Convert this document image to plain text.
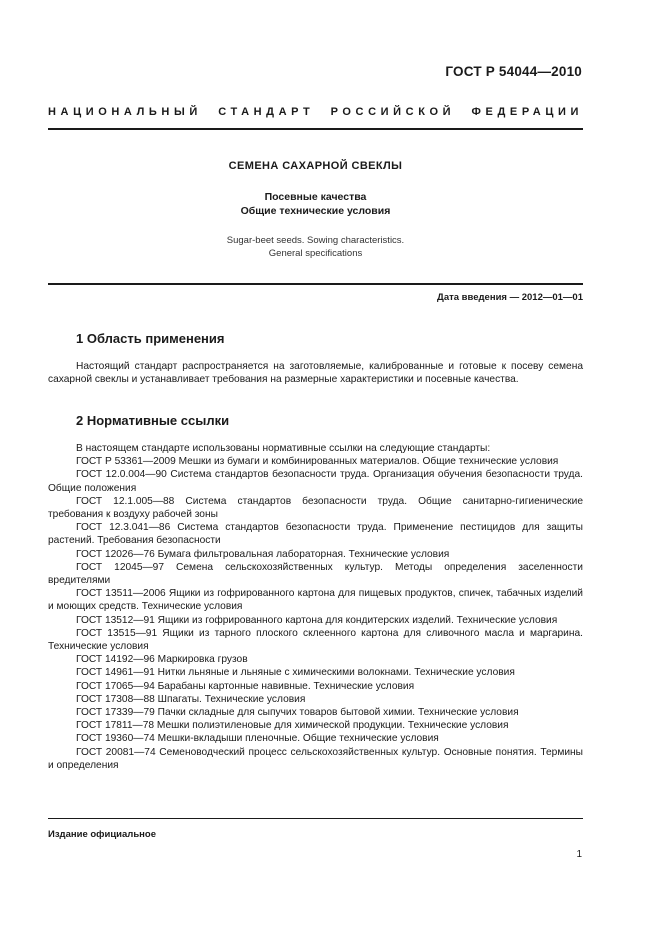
ГОСТ Р 54044—2010
НАЦИОНАЛЬНЫЙ СТАНДАРТ РОССИЙСКОЙ ФЕДЕРАЦИИ
СЕМЕНА САХАРНОЙ СВЕКЛЫ
Посевные качества
Общие технические условия
Sugar-beet seeds. Sowing characteristics.
General specifications
Дата введения — 2012—01—01
1 Область применения
Настоящий стандарт распространяется на заготовляемые, калиброванные и готовые к посеву семена сахарной свеклы и устанавливает требования на размерные характеристики и посевные качества.
2 Нормативные ссылки

В настоящем стандарте использованы нормативные ссылки на следующие стандарты:

ГОСТ Р 53361—2009 Мешки из бумаги и комбинированных материалов. Общие технические условия

ГОСТ 12.0.004—90 Система стандартов безопасности труда. Организация обучения безопасности труда. Общие положения

ГОСТ 12.1.005—88 Система стандартов безопасности труда. Общие санитарно-гигиенические требования к воздуху рабочей зоны

ГОСТ 12.3.041—86 Система стандартов безопасности труда. Применение пестицидов для защиты растений. Требования безопасности

ГОСТ 12026—76 Бумага фильтровальная лабораторная. Технические условия

ГОСТ 12045—97 Семена сельскохозяйственных культур. Методы определения заселенности вредителями

ГОСТ 13511—2006 Ящики из гофрированного картона для пищевых продуктов, спичек, табачных изделий и моющих средств. Технические условия

ГОСТ 13512—91 Ящики из гофрированного картона для кондитерских изделий. Технические условия

ГОСТ 13515—91 Ящики из тарного плоского склеенного картона для сливочного масла и маргарина. Технические условия

ГОСТ 14192—96 Маркировка грузов

ГОСТ 14961—91 Нитки льняные и льняные с химическими волокнами. Технические условия

ГОСТ 17065—94 Барабаны картонные навивные. Технические условия

ГОСТ 17308—88 Шпагаты. Технические условия

ГОСТ 17339—79 Пачки складные для сыпучих товаров бытовой химии. Технические условия

ГОСТ 17811—78 Мешки полиэтиленовые для химической продукции. Технические условия

ГОСТ 19360—74 Мешки-вкладыши пленочные. Общие технические условия

ГОСТ 20081—74 Семеноводческий процесс сельскохозяйственных культур. Основные понятия. Термины и определения

Издание официальное
1
